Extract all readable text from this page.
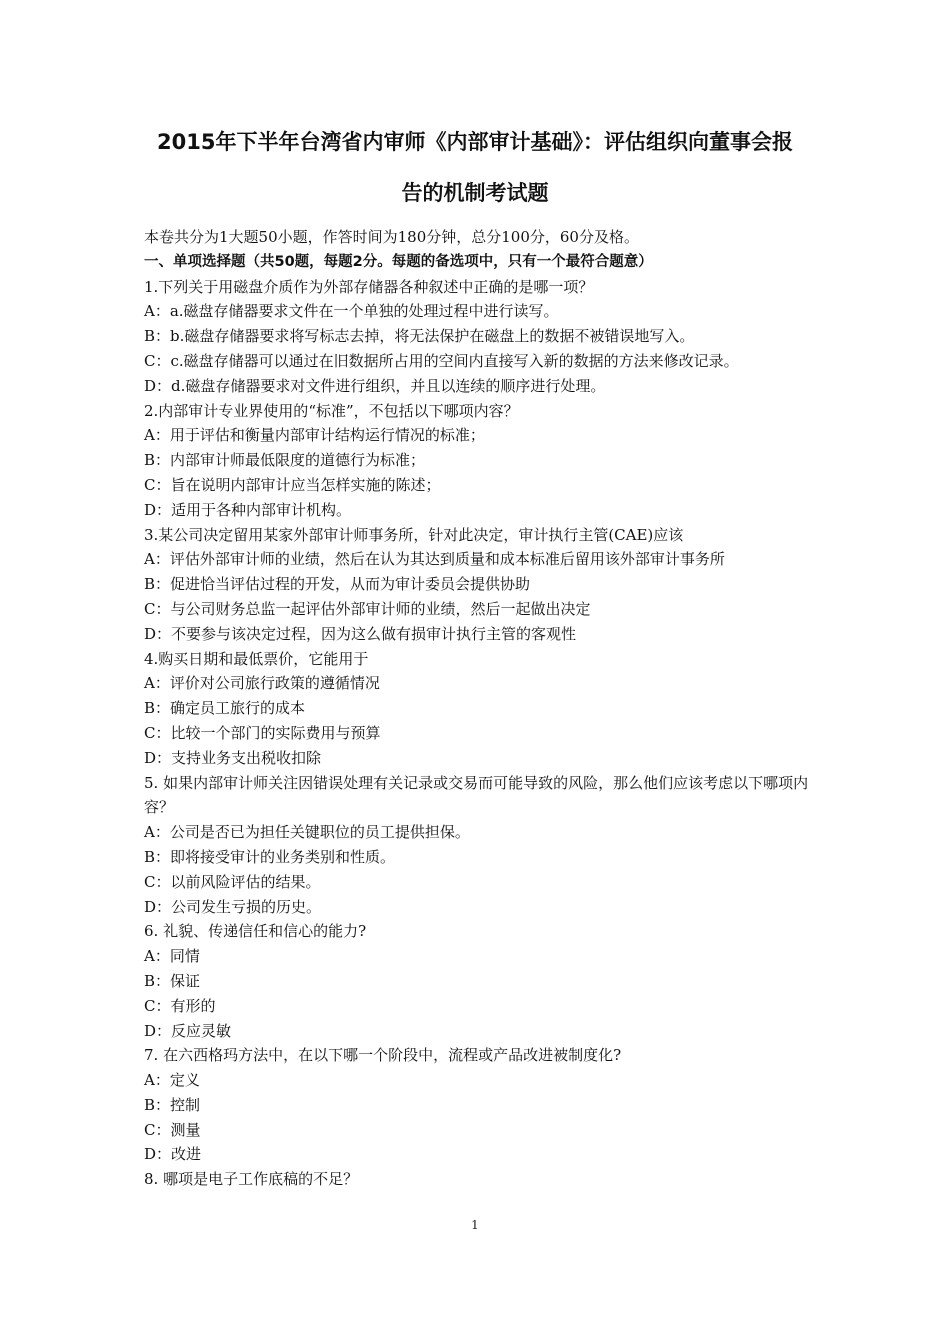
2015年下半年台湾省内审师《内部审计基础》：评估组织向董事会报
告的机制考试题
本卷共分为1大题50小题，作答时间为180分钟，总分100分，60分及格。
一、单项选择题（共50题，每题2分。每题的备选项中，只有一个最符合题意）
1.下列关于用磁盘介质作为外部存储器各种叙述中正确的是哪一项？
A：a.磁盘存储器要求文件在一个单独的处理过程中进行读写。
B：b.磁盘存储器要求将写标志去掉，将无法保护在磁盘上的数据不被错误地写入。
C：c.磁盘存储器可以通过在旧数据所占用的空间内直接写入新的数据的方法来修改记录。
D：d.磁盘存储器要求对文件进行组织，并且以连续的顺序进行处理。
2.内部审计专业界使用的“标准”，不包括以下哪项内容？
A：用于评估和衡量内部审计结构运行情况的标准；
B：内部审计师最低限度的道德行为标准；
C：旨在说明内部审计应当怎样实施的陈述；
D：适用于各种内部审计机构。
3.某公司决定留用某家外部审计师事务所，针对此决定，审计执行主管(CAE)应该
A：评估外部审计师的业绩，然后在认为其达到质量和成本标准后留用该外部审计事务所
B：促进恰当评估过程的开发，从而为审计委员会提供协助
C：与公司财务总监一起评估外部审计师的业绩，然后一起做出决定
D：不要参与该决定过程，因为这么做有损审计执行主管的客观性
4.购买日期和最低票价，它能用于
A：评价对公司旅行政策的遵循情况
B：确定员工旅行的成本
C：比较一个部门的实际费用与预算
D：支持业务支出税收扣除
5. 如果内部审计师关注因错误处理有关记录或交易而可能导致的风险，那么他们应该考虑以下哪项内容？
A：公司是否已为担任关键职位的员工提供担保。
B：即将接受审计的业务类别和性质。
C：以前风险评估的结果。
D：公司发生亏损的历史。
6. 礼貌、传递信任和信心的能力?
A：同情
B：保证
C：有形的
D：反应灵敏
7. 在六西格玛方法中，在以下哪一个阶段中，流程或产品改进被制度化?
A：定义
B：控制
C：测量
D：改进
8. 哪项是电子工作底稿的不足？
1
